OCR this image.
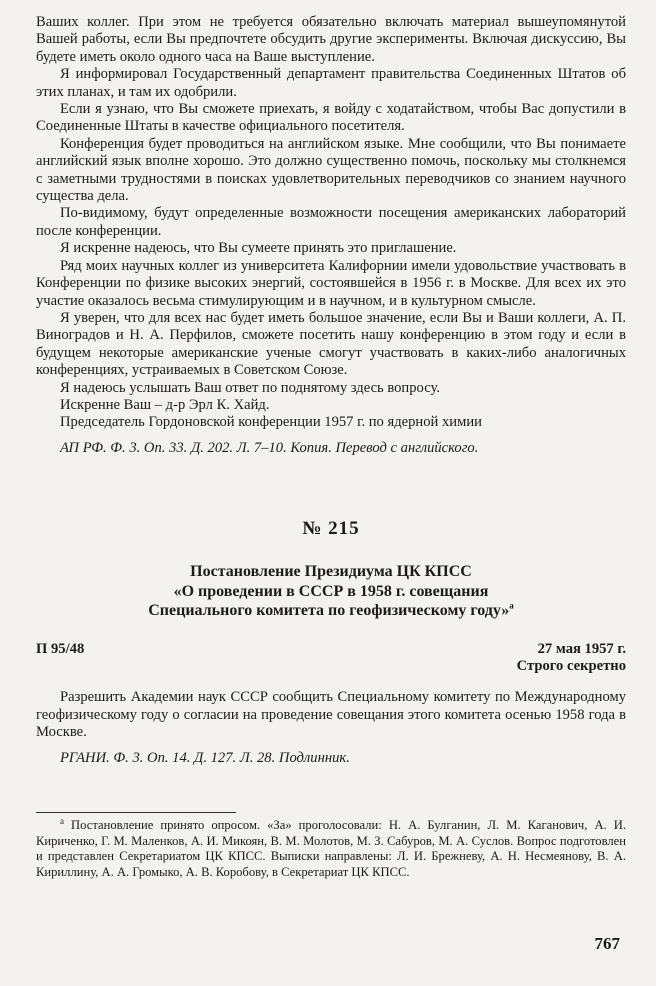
Ваших коллег. При этом не требуется обязательно включать материал вышеупомянутой Вашей работы, если Вы предпочтете обсудить другие эксперименты. Включая дискуссию, Вы будете иметь около одного часа на Ваше выступление.

Я информировал Государственный департамент правительства Соединенных Штатов об этих планах, и там их одобрили.

Если я узнаю, что Вы сможете приехать, я войду с ходатайством, чтобы Вас допустили в Соединенные Штаты в качестве официального посетителя.

Конференция будет проводиться на английском языке. Мне сообщили, что Вы понимаете английский язык вполне хорошо. Это должно существенно помочь, поскольку мы столкнемся с заметными трудностями в поисках удовлетворительных переводчиков со знанием научного существа дела.

По-видимому, будут определенные возможности посещения американских лабораторий после конференции.

Я искренне надеюсь, что Вы сумеете принять это приглашение.

Ряд моих научных коллег из университета Калифорнии имели удовольствие участвовать в Конференции по физике высоких энергий, состоявшейся в 1956 г. в Москве. Для всех их это участие оказалось весьма стимулирующим и в научном, и в культурном смысле.

Я уверен, что для всех нас будет иметь большое значение, если Вы и Ваши коллеги, А. П. Виноградов и Н. А. Перфилов, сможете посетить нашу конференцию в этом году и если в будущем некоторые американские ученые смогут участвовать в каких-либо аналогичных конференциях, устраиваемых в Советском Союзе.

Я надеюсь услышать Ваш ответ по поднятому здесь вопросу.

Искренне Ваш – д-р Эрл К. Хайд.

Председатель Гордоновской конференции 1957 г. по ядерной химии

АП РФ. Ф. 3. Оп. 33. Д. 202. Л. 7–10. Копия. Перевод с английского.

№ 215
Постановление Президиума ЦК КПСС
«О проведении в СССР в 1958 г. совещания
Специального комитета по геофизическому году»$^а$
П 95/48	27 мая 1957 г.
Строго секретно

Разрешить Академии наук СССР сообщить Специальному комитету по Международному геофизическому году о согласии на проведение совещания этого комитета осенью 1958 года в Москве.

РГАНИ. Ф. 3. Оп. 14. Д. 127. Л. 28. Подлинник.

$^а$ Постановление принято опросом. «За» проголосовали: Н. А. Булганин, Л. М. Каганович, А. И. Кириченко, Г. М. Маленков, А. И. Микоян, В. М. Молотов, М. З. Сабуров, М. А. Суслов. Вопрос подготовлен и представлен Секретариатом ЦК КПСС. Выписки направлены: Л. И. Брежневу, А. Н. Несмеянову, В. А. Кириллину, А. А. Громыко, А. В. Коробову, в Секретариат ЦК КПСС.

767
